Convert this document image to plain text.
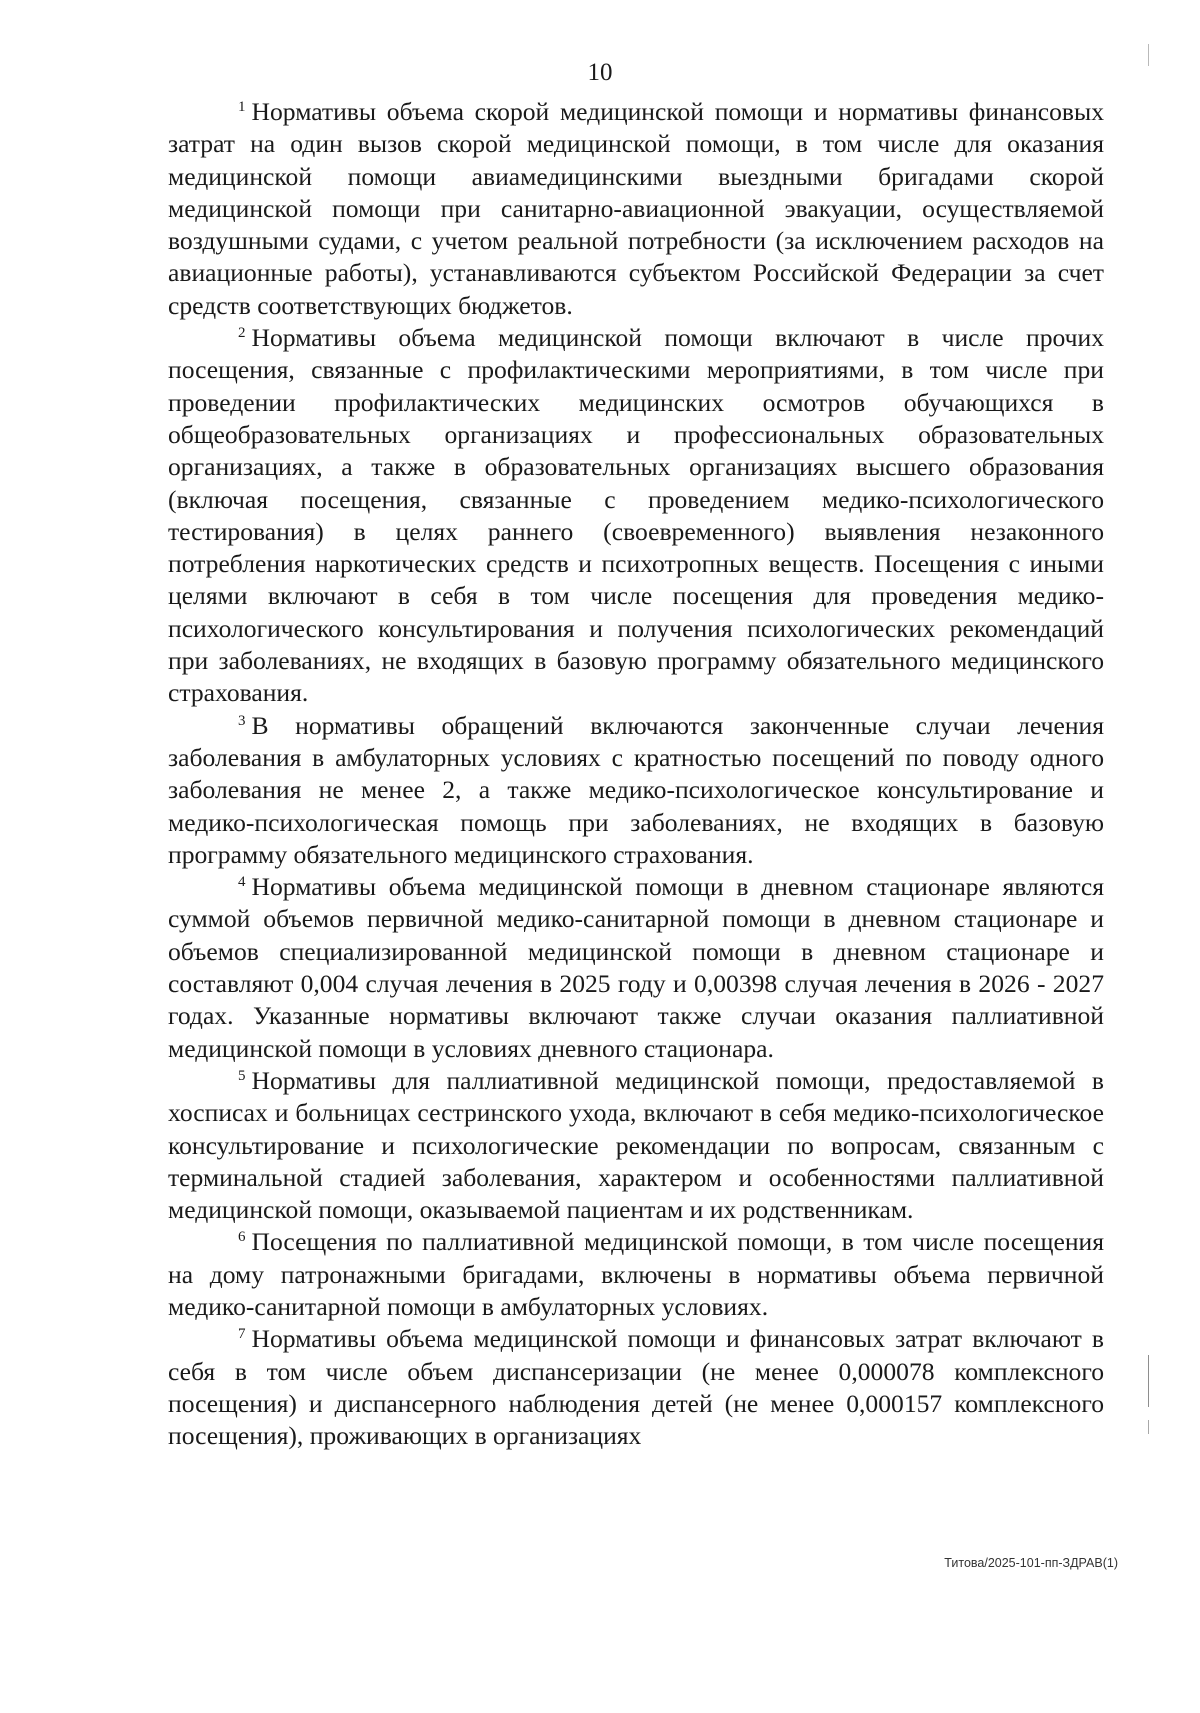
10

$^1$ Нормативы объема скорой медицинской помощи и нормативы финансовых затрат на один вызов скорой медицинской помощи, в том числе для оказания медицинской помощи авиамедицинскими выездными бригадами скорой медицинской помощи при санитарно-авиационной эвакуации, осуществляемой воздушными судами, с учетом реальной потребности (за исключением расходов на авиационные работы), устанавливаются субъектом Российской Федерации за счет средств соответствующих бюджетов.

$^2$ Нормативы объема медицинской помощи включают в числе прочих посещения, связанные с профилактическими мероприятиями, в том числе при проведении профилактических медицинских осмотров обучающихся в общеобразовательных организациях и профессиональных образовательных организациях, а также в образовательных организациях высшего образования (включая посещения, связанные с проведением медико-психологического тестирования) в целях раннего (своевременного) выявления незаконного потребления наркотических средств и психотропных веществ. Посещения с иными целями включают в себя в том числе посещения для проведения медико-психологического консультирования и получения психологических рекомендаций при заболеваниях, не входящих в базовую программу обязательного медицинского страхования.

$^3$ В нормативы обращений включаются законченные случаи лечения заболевания в амбулаторных условиях с кратностью посещений по поводу одного заболевания не менее 2, а также медико-психологическое консультирование и медико-психологическая помощь при заболеваниях, не входящих в базовую программу обязательного медицинского страхования.

$^4$ Нормативы объема медицинской помощи в дневном стационаре являются суммой объемов первичной медико-санитарной помощи в дневном стационаре и объемов специализированной медицинской помощи в дневном стационаре и составляют 0,004 случая лечения в 2025 году и 0,00398 случая лечения в 2026 - 2027 годах. Указанные нормативы включают также случаи оказания паллиативной медицинской помощи в условиях дневного стационара.

$^5$ Нормативы для паллиативной медицинской помощи, предоставляемой в хосписах и больницах сестринского ухода, включают в себя медико-психологическое консультирование и психологические рекомендации по вопросам, связанным с терминальной стадией заболевания, характером и особенностями паллиативной медицинской помощи, оказываемой пациентам и их родственникам.

$^6$ Посещения по паллиативной медицинской помощи, в том числе посещения на дому патронажными бригадами, включены в нормативы объема первичной медико-санитарной помощи в амбулаторных условиях.

$^7$ Нормативы объема медицинской помощи и финансовых затрат включают в себя в том числе объем диспансеризации (не менее 0,000078 комплексного посещения) и диспансерного наблюдения детей (не менее 0,000157 комплексного посещения), проживающих в организациях

Титова/2025-101-пп-ЗДРАВ(1)
